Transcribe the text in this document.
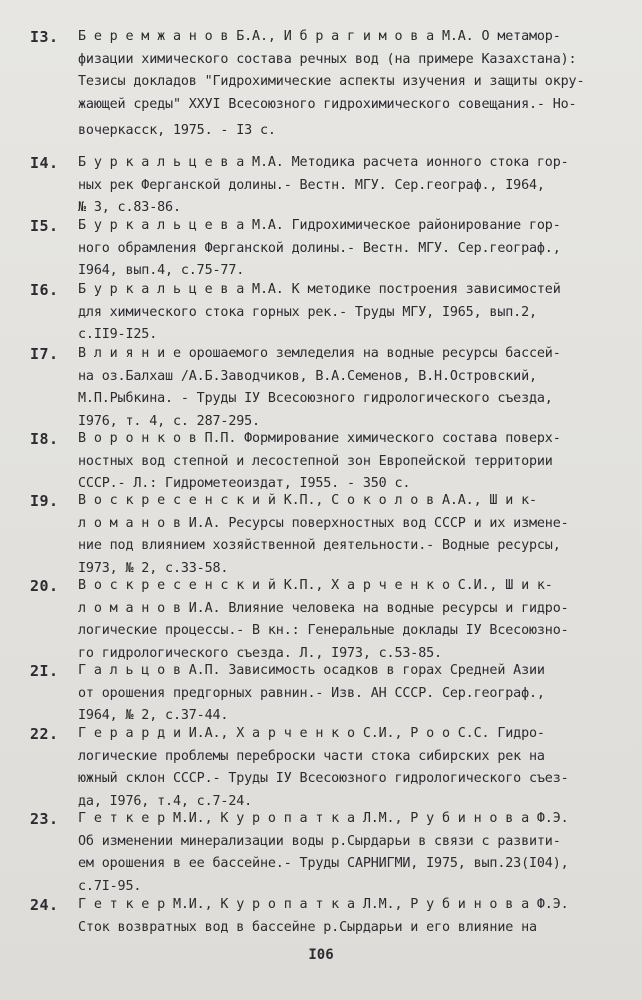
I3. Б е р е м ж а н о в Б.А., И б р а г и м о в а М.А. О метамор-
физации химического состава речных вод (на примере Казахстана):
Тезисы докладов "Гидрохимические аспекты изучения и защиты окру-
жающей среды" ХХУI Всесоюзного гидрохимического совещания.- Но-
вочеркасск, 1975. - I3 с.
I4. Б у р к а л ь ц е в а М.А. Методика расчета ионного стока гор-
ных рек Ферганской долины.- Вестн. МГУ. Сер.географ., I964,
№ 3, с.83-86.
I5. Б у р к а л ь ц е в а М.А. Гидрохимическое районирование гор-
ного обрамления Ферганской долины.- Вестн. МГУ. Сер.географ.,
I964, вып.4, с.75-77.
I6. Б у р к а л ь ц е в а М.А. К методике построения зависимостей
для химического стока горных рек.- Труды МГУ, I965, вып.2,
с.II9-I25.
I7. В л и я н и е орошаемого земледелия на водные ресурсы бассей-
на оз.Балхаш /А.Б.Заводчиков, В.А.Семенов, В.Н.Островский,
М.П.Рыбкина. - Труды IУ Всесоюзного гидрологического съезда,
I976, т. 4, с. 287-295.
I8. В о р о н к о в П.П. Формирование химического состава поверх-
ностных вод степной и лесостепной зон Европейской территории
СССР.- Л.: Гидрометеоиздат, I955. - 350 с.
I9. В о с к р е с е н с к и й К.П., С о к о л о в А.А., Ш и к-
л о м а н о в И.А. Ресурсы поверхностных вод СССР и их измене-
ние под влиянием хозяйственной деятельности.- Водные ресурсы,
I973, № 2, с.33-58.
20. В о с к р е с е н с к и й К.П., Х а р ч е н к о С.И., Ш и к-
л о м а н о в И.А. Влияние человека на водные ресурсы и гидро-
логические процессы.- В кн.: Генеральные доклады IУ Всесоюзно-
го гидрологического съезда. Л., I973, с.53-85.
2I. Г а л ь ц о в А.П. Зависимость осадков в горах Средней Азии
от орошения предгорных равнин.- Изв. АН СССР. Сер.географ.,
I964, № 2, с.37-44.
22. Г е р а р д и И.А., Х а р ч е н к о С.И., Р о о С.С. Гидро-
логические проблемы переброски части стока сибирских рек на
южный склон СССР.- Труды IУ Всесоюзного гидрологического съез-
да, I976, т.4, с.7-24.
23. Г е т к е р М.И., К у р о п а т к а Л.М., Р у б и н о в а Ф.Э.
Об изменении минерализации воды р.Сырдарьи в связи с развити-
ем орошения в ее бассейне.- Труды САРНИГМИ, I975, вып.23(I04),
с.7I-95.
24. Г е т к е р М.И., К у р о п а т к а Л.М., Р у б и н о в а Ф.Э.
Сток возвратных вод в бассейне р.Сырдарьи и его влияние на
I06
